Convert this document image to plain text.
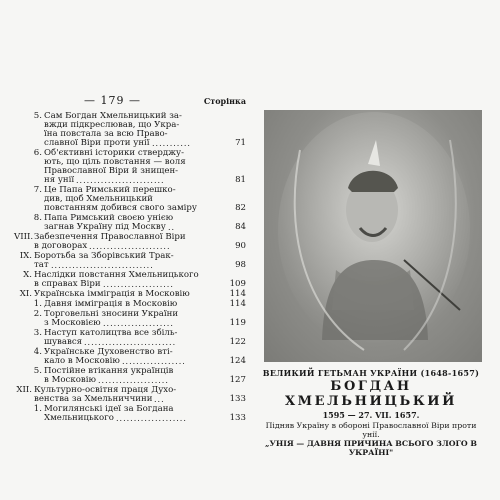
— 179 —	Сторінка
5. Сам Богдан Хмельницький за-
вжди підкреслював, що Укра-
їна повстала за всю Право-
славної Віри проти унії ...........	71
6. Об'єктивні історики стверджу-
ють, що ціль повстання — воля
Православної Віри й знищен-
ня унії .........................	81
7. Це Папа Римський перешко-
див, щоб Хмельницький
повстанням добився свого заміру	82
8. Папа Римський своєю унією
загнав Україну під Москву ..	84
VIII. Забезпечення Православної Віри
в договорах .......................	90
IX. Боротьба за Зборівський Трак-
тат .............................	98
X. Наслідки повстання Хмельницького
в справах Віри ....................	109
XI. Українська імміграція в Московію	114
1. Давня імміграція в Московію	114
2. Торговельні зносини України
з Московією ....................	119
3. Наступ католицтва все збіль-
шувався ..........................	122
4. Українське Духовенство вті-
кало в Московію ..................	124
5. Постійне втікання українців
в Московію ....................	127
XII. Культурно-освітня праця Духо-
венства за Хмельниччини ...	133
1. Могилянські ідеї за Богдана
Хмельницького ....................	133
ВЕЛИКИЙ ГЕТЬМАН УКРАЇНИ (1648-1657)
БОГДАН ХМЕЛЬНИЦЬКИЙ
1595 — 27. VII. 1657.
Підняв Україну в обороні Православної Віри проти унії.
„УНІЯ — ДАВНЯ ПРИЧИНА ВСЬОГО ЗЛОГО В УКРАЇНІ"
